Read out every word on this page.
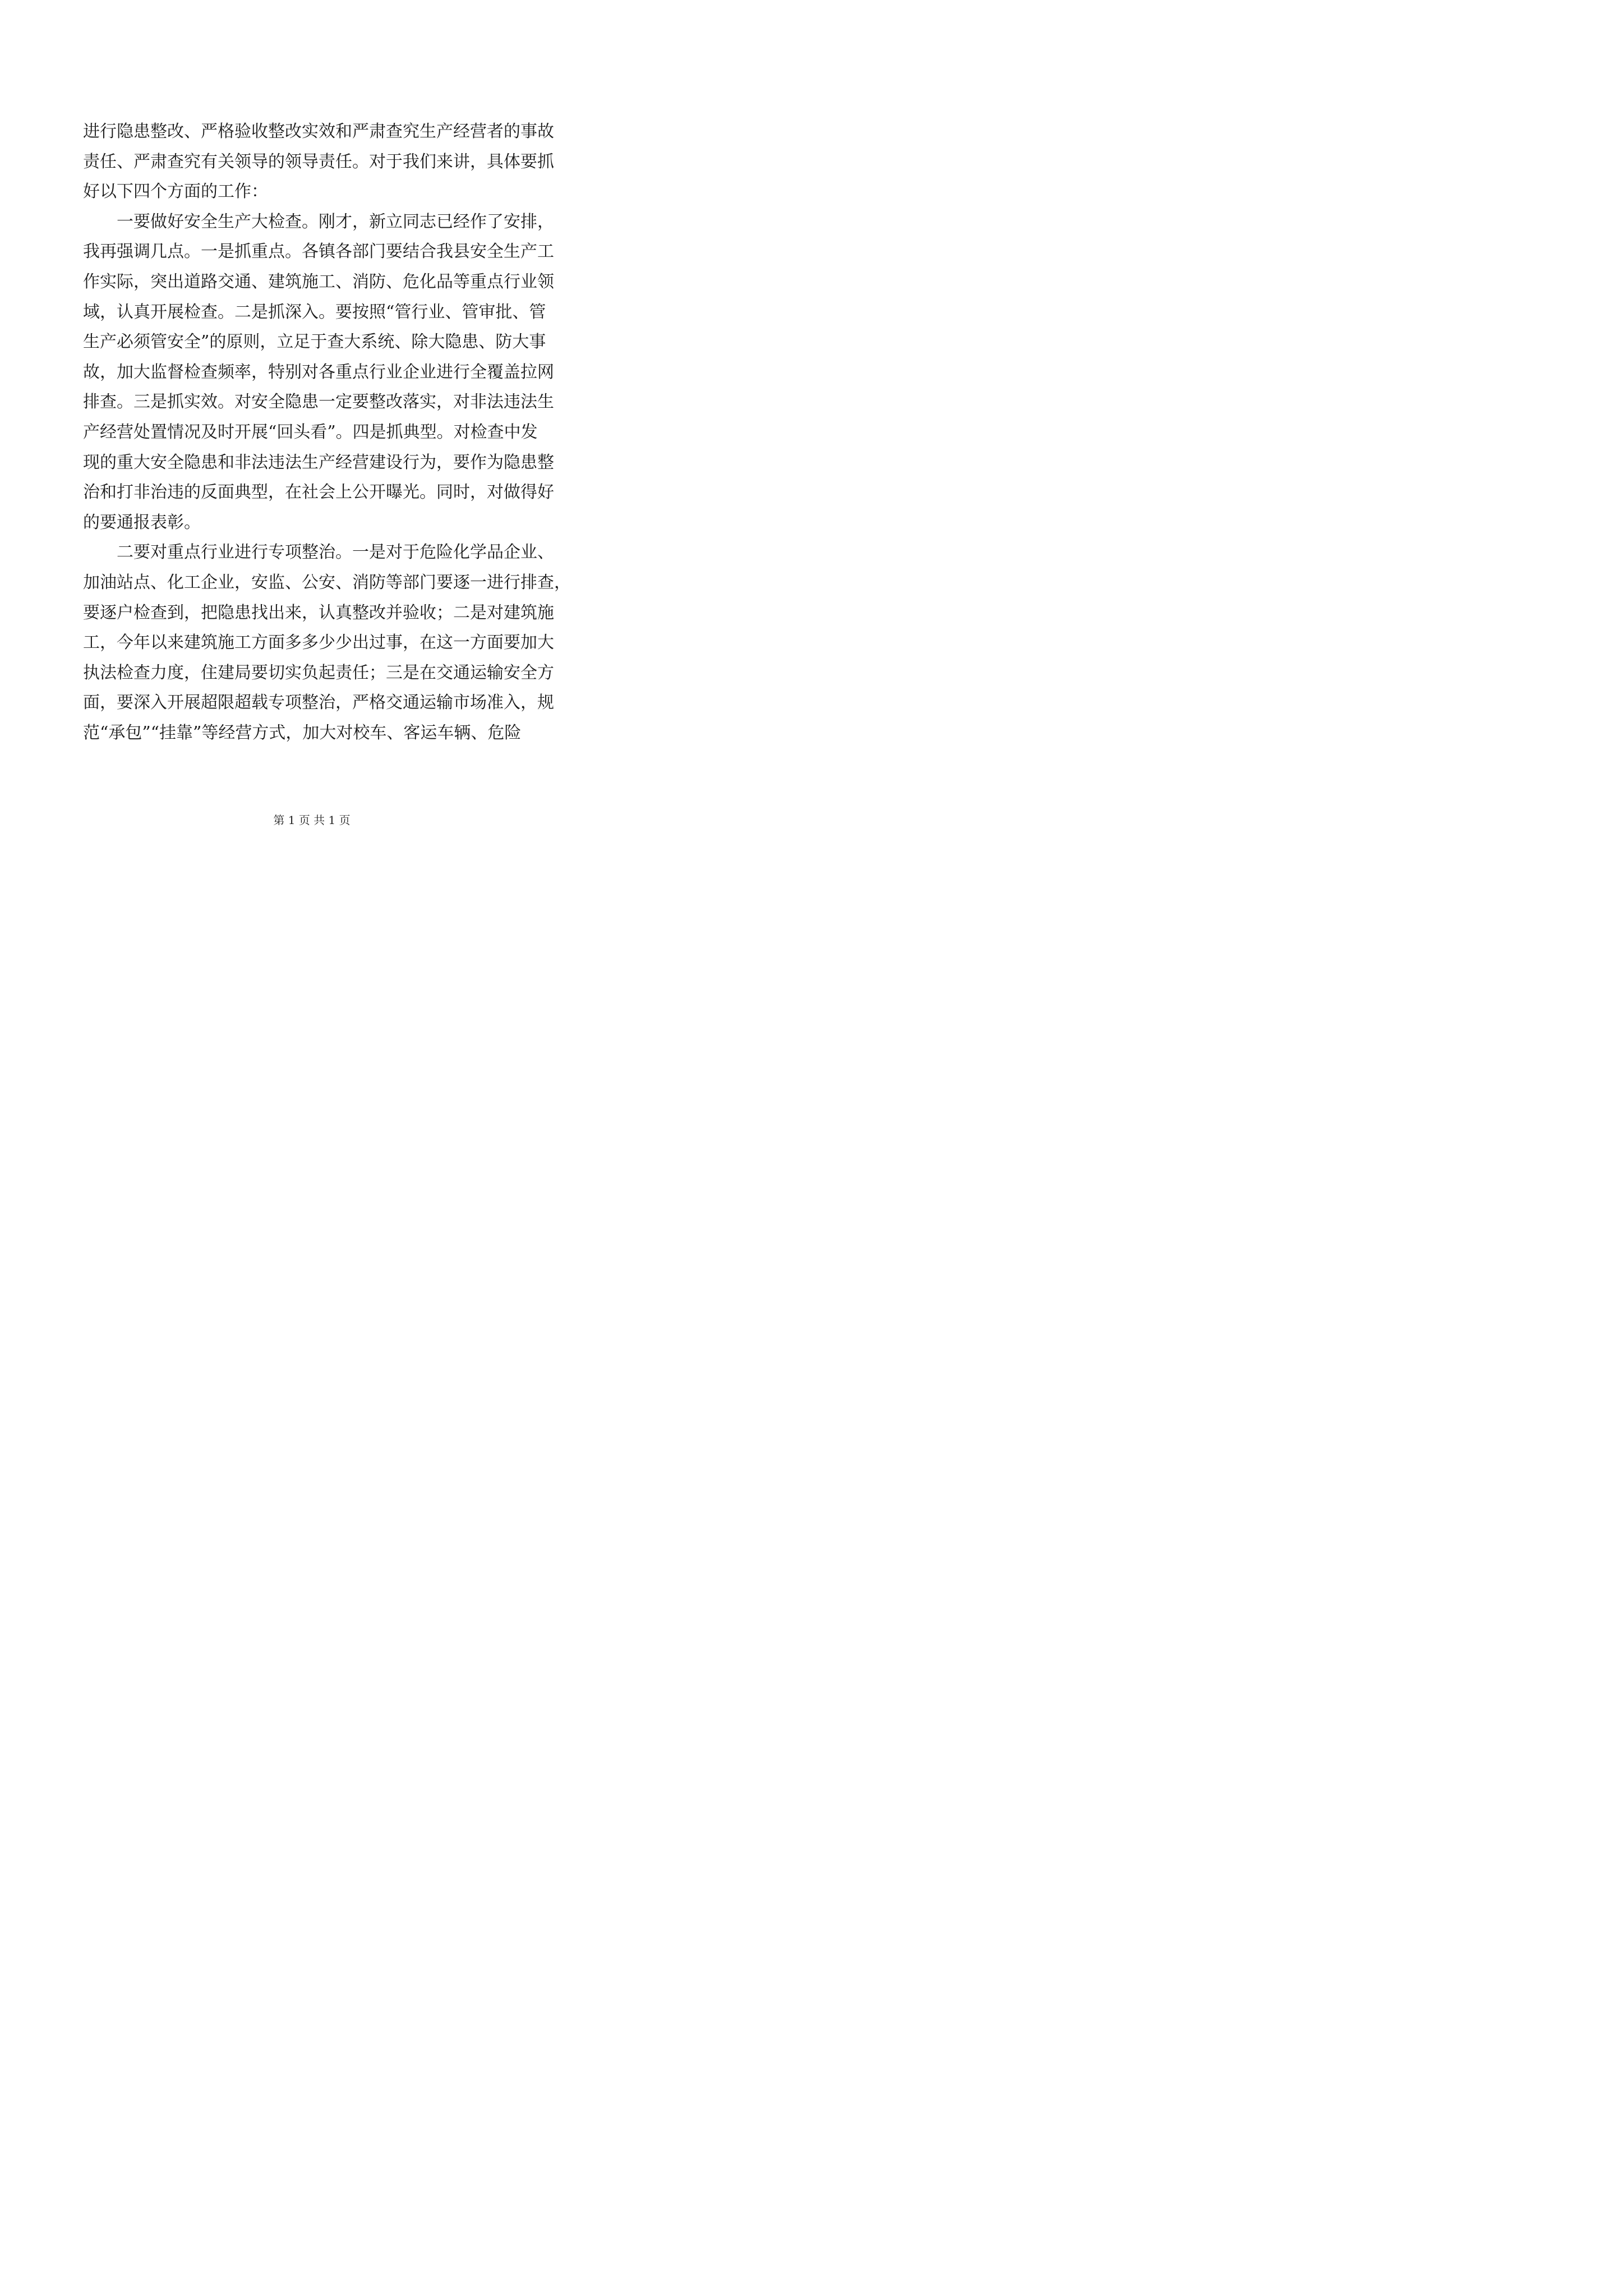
进行隐患整改、严格验收整改实效和严肃查究生产经营者的事故
责任、严肃查究有关领导的领导责任。对于我们来讲，具体要抓
好以下四个方面的工作：
　　一要做好安全生产大检查。刚才，新立同志已经作了安排，
我再强调几点。一是抓重点。各镇各部门要结合我县安全生产工
作实际，突出道路交通、建筑施工、消防、危化品等重点行业领
域，认真开展检查。二是抓深入。要按照“管行业、管审批、管
生产必须管安全”的原则，立足于查大系统、除大隐患、防大事
故，加大监督检查频率，特别对各重点行业企业进行全覆盖拉网
排查。三是抓实效。对安全隐患一定要整改落实，对非法违法生
产经营处置情况及时开展“回头看”。四是抓典型。对检查中发
现的重大安全隐患和非法违法生产经营建设行为，要作为隐患整
治和打非治违的反面典型，在社会上公开曝光。同时，对做得好
的要通报表彰。
　　二要对重点行业进行专项整治。一是对于危险化学品企业、
加油站点、化工企业，安监、公安、消防等部门要逐一进行排查，
要逐户检查到，把隐患找出来，认真整改并验收；二是对建筑施
工，今年以来建筑施工方面多多少少出过事，在这一方面要加大
执法检查力度，住建局要切实负起责任；三是在交通运输安全方
面，要深入开展超限超载专项整治，严格交通运输市场准入，规
范“承包”“挂靠”等经营方式，加大对校车、客运车辆、危险
第 1 页 共 1 页
